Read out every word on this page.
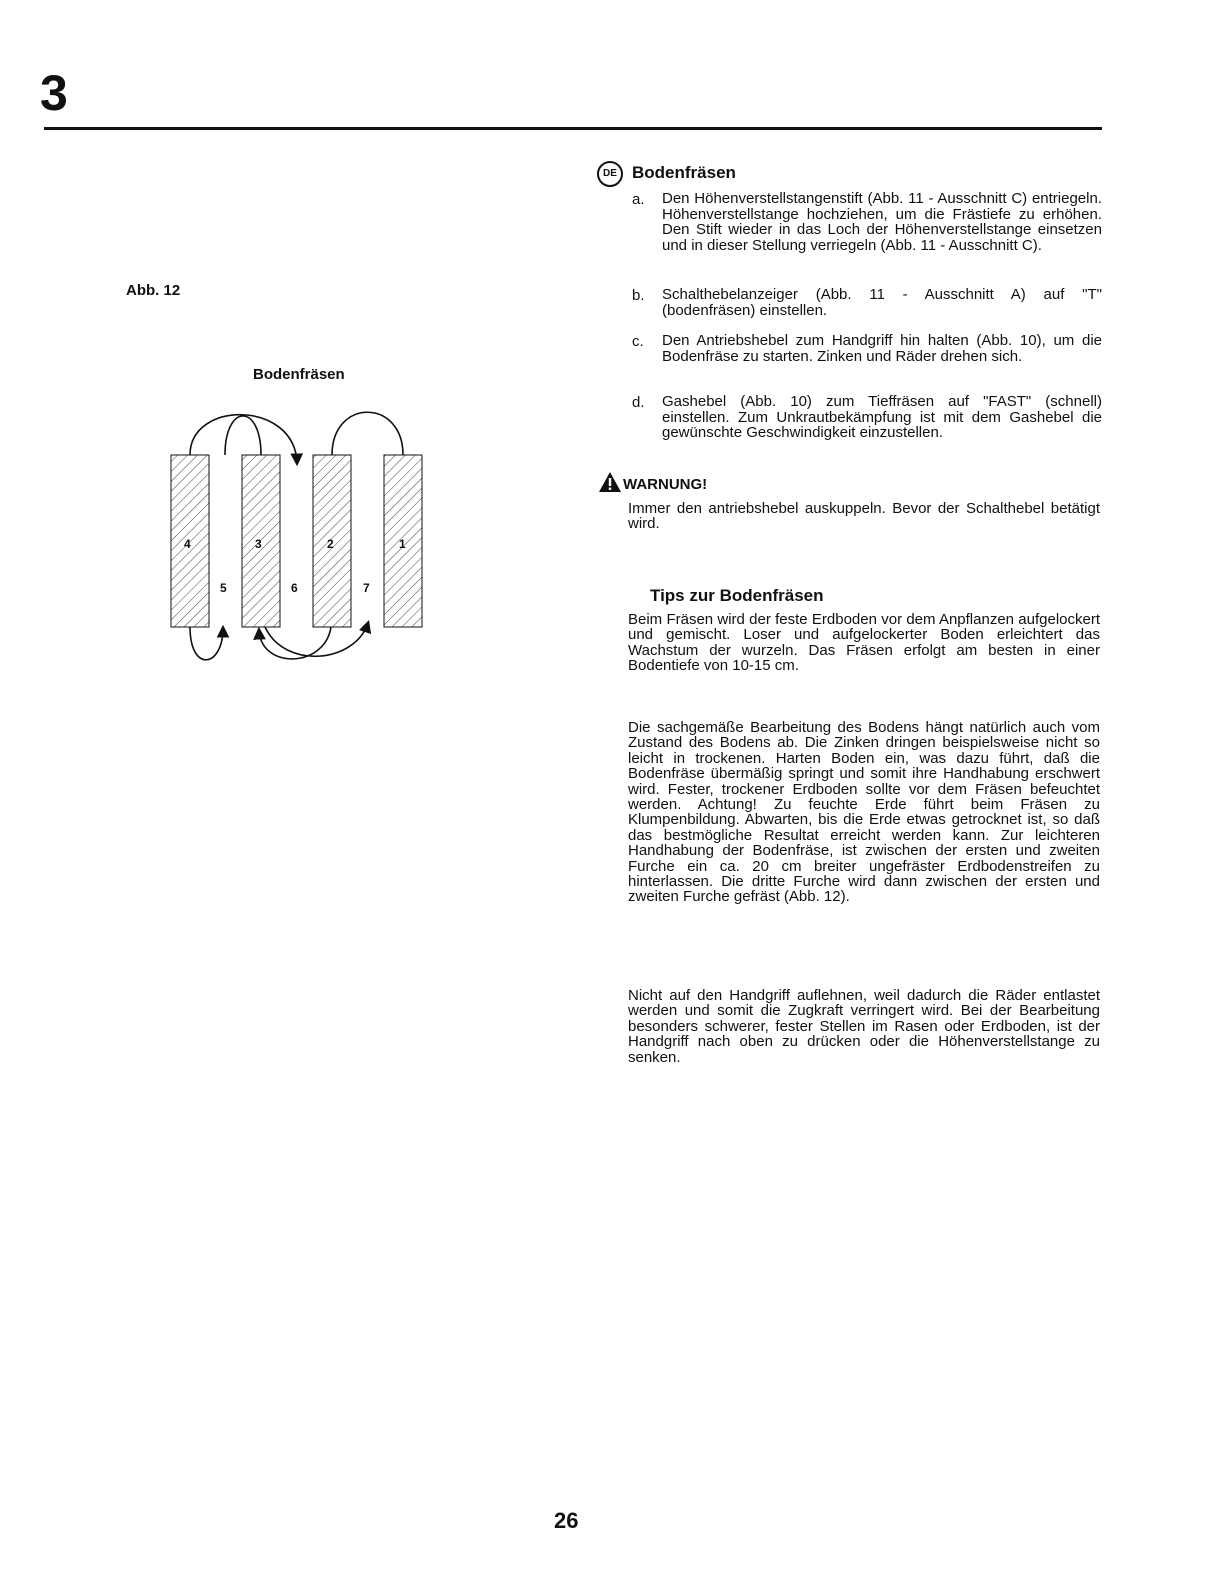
3
Abb. 12
Bodenfräsen
4	3	2	1
5	6	7
DE Bodenfräsen
a. Den Höhenverstellstangenstift (Abb. 11 - Ausschnitt C) entriegeln. Höhenverstellstange hochziehen, um die Frästiefe zu erhöhen. Den Stift wieder in das Loch der Höhenverstellstange einsetzen und in dieser Stellung verriegeln (Abb. 11 - Ausschnitt C).
b. Schalthebelanzeiger (Abb. 11 - Ausschnitt A) auf "T" (bodenfräsen) einstellen.
c. Den Antriebshebel zum Handgriff hin halten (Abb. 10), um die Bodenfräse zu starten. Zinken und Räder drehen sich.
d. Gashebel (Abb. 10) zum Tieffräsen auf "FAST" (schnell) einstellen. Zum Unkrautbekämpfung ist mit dem Gashebel die gewünschte Geschwindigkeit einzustellen.
WARNUNG!
Immer den antriebshebel auskuppeln. Bevor der Schalthebel betätigt wird.
Tips zur Bodenfräsen
Beim Fräsen wird der feste Erdboden vor dem Anpflanzen aufgelockert und gemischt. Loser und aufgelockerter Boden erleichtert das Wachstum der wurzeln. Das Fräsen erfolgt am besten in einer Bodentiefe von 10-15 cm.
Die sachgemäße Bearbeitung des Bodens hängt natürlich auch vom Zustand des Bodens ab. Die Zinken dringen beispielsweise nicht so leicht in trockenen. Harten Boden ein, was dazu führt, daß die Bodenfräse übermäßig springt und somit ihre Handhabung erschwert wird. Fester, trockener Erdboden sollte vor dem Fräsen befeuchtet werden. Achtung! Zu feuchte Erde führt beim Fräsen zu Klumpenbildung. Abwarten, bis die Erde etwas getrocknet ist, so daß das bestmögliche Resultat erreicht werden kann. Zur leichteren Handhabung der Bodenfräse, ist zwischen der ersten und zweiten Furche ein ca. 20 cm breiter ungefräster Erdbodenstreifen zu hinterlassen. Die dritte Furche wird dann zwischen der ersten und zweiten Furche gefräst (Abb. 12).
Nicht auf den Handgriff auflehnen, weil dadurch die Räder entlastet werden und somit die Zugkraft verringert wird. Bei der Bearbeitung besonders schwerer, fester Stellen im Rasen oder Erdboden, ist der Handgriff nach oben zu drücken oder die Höhenverstellstange zu senken.
26
